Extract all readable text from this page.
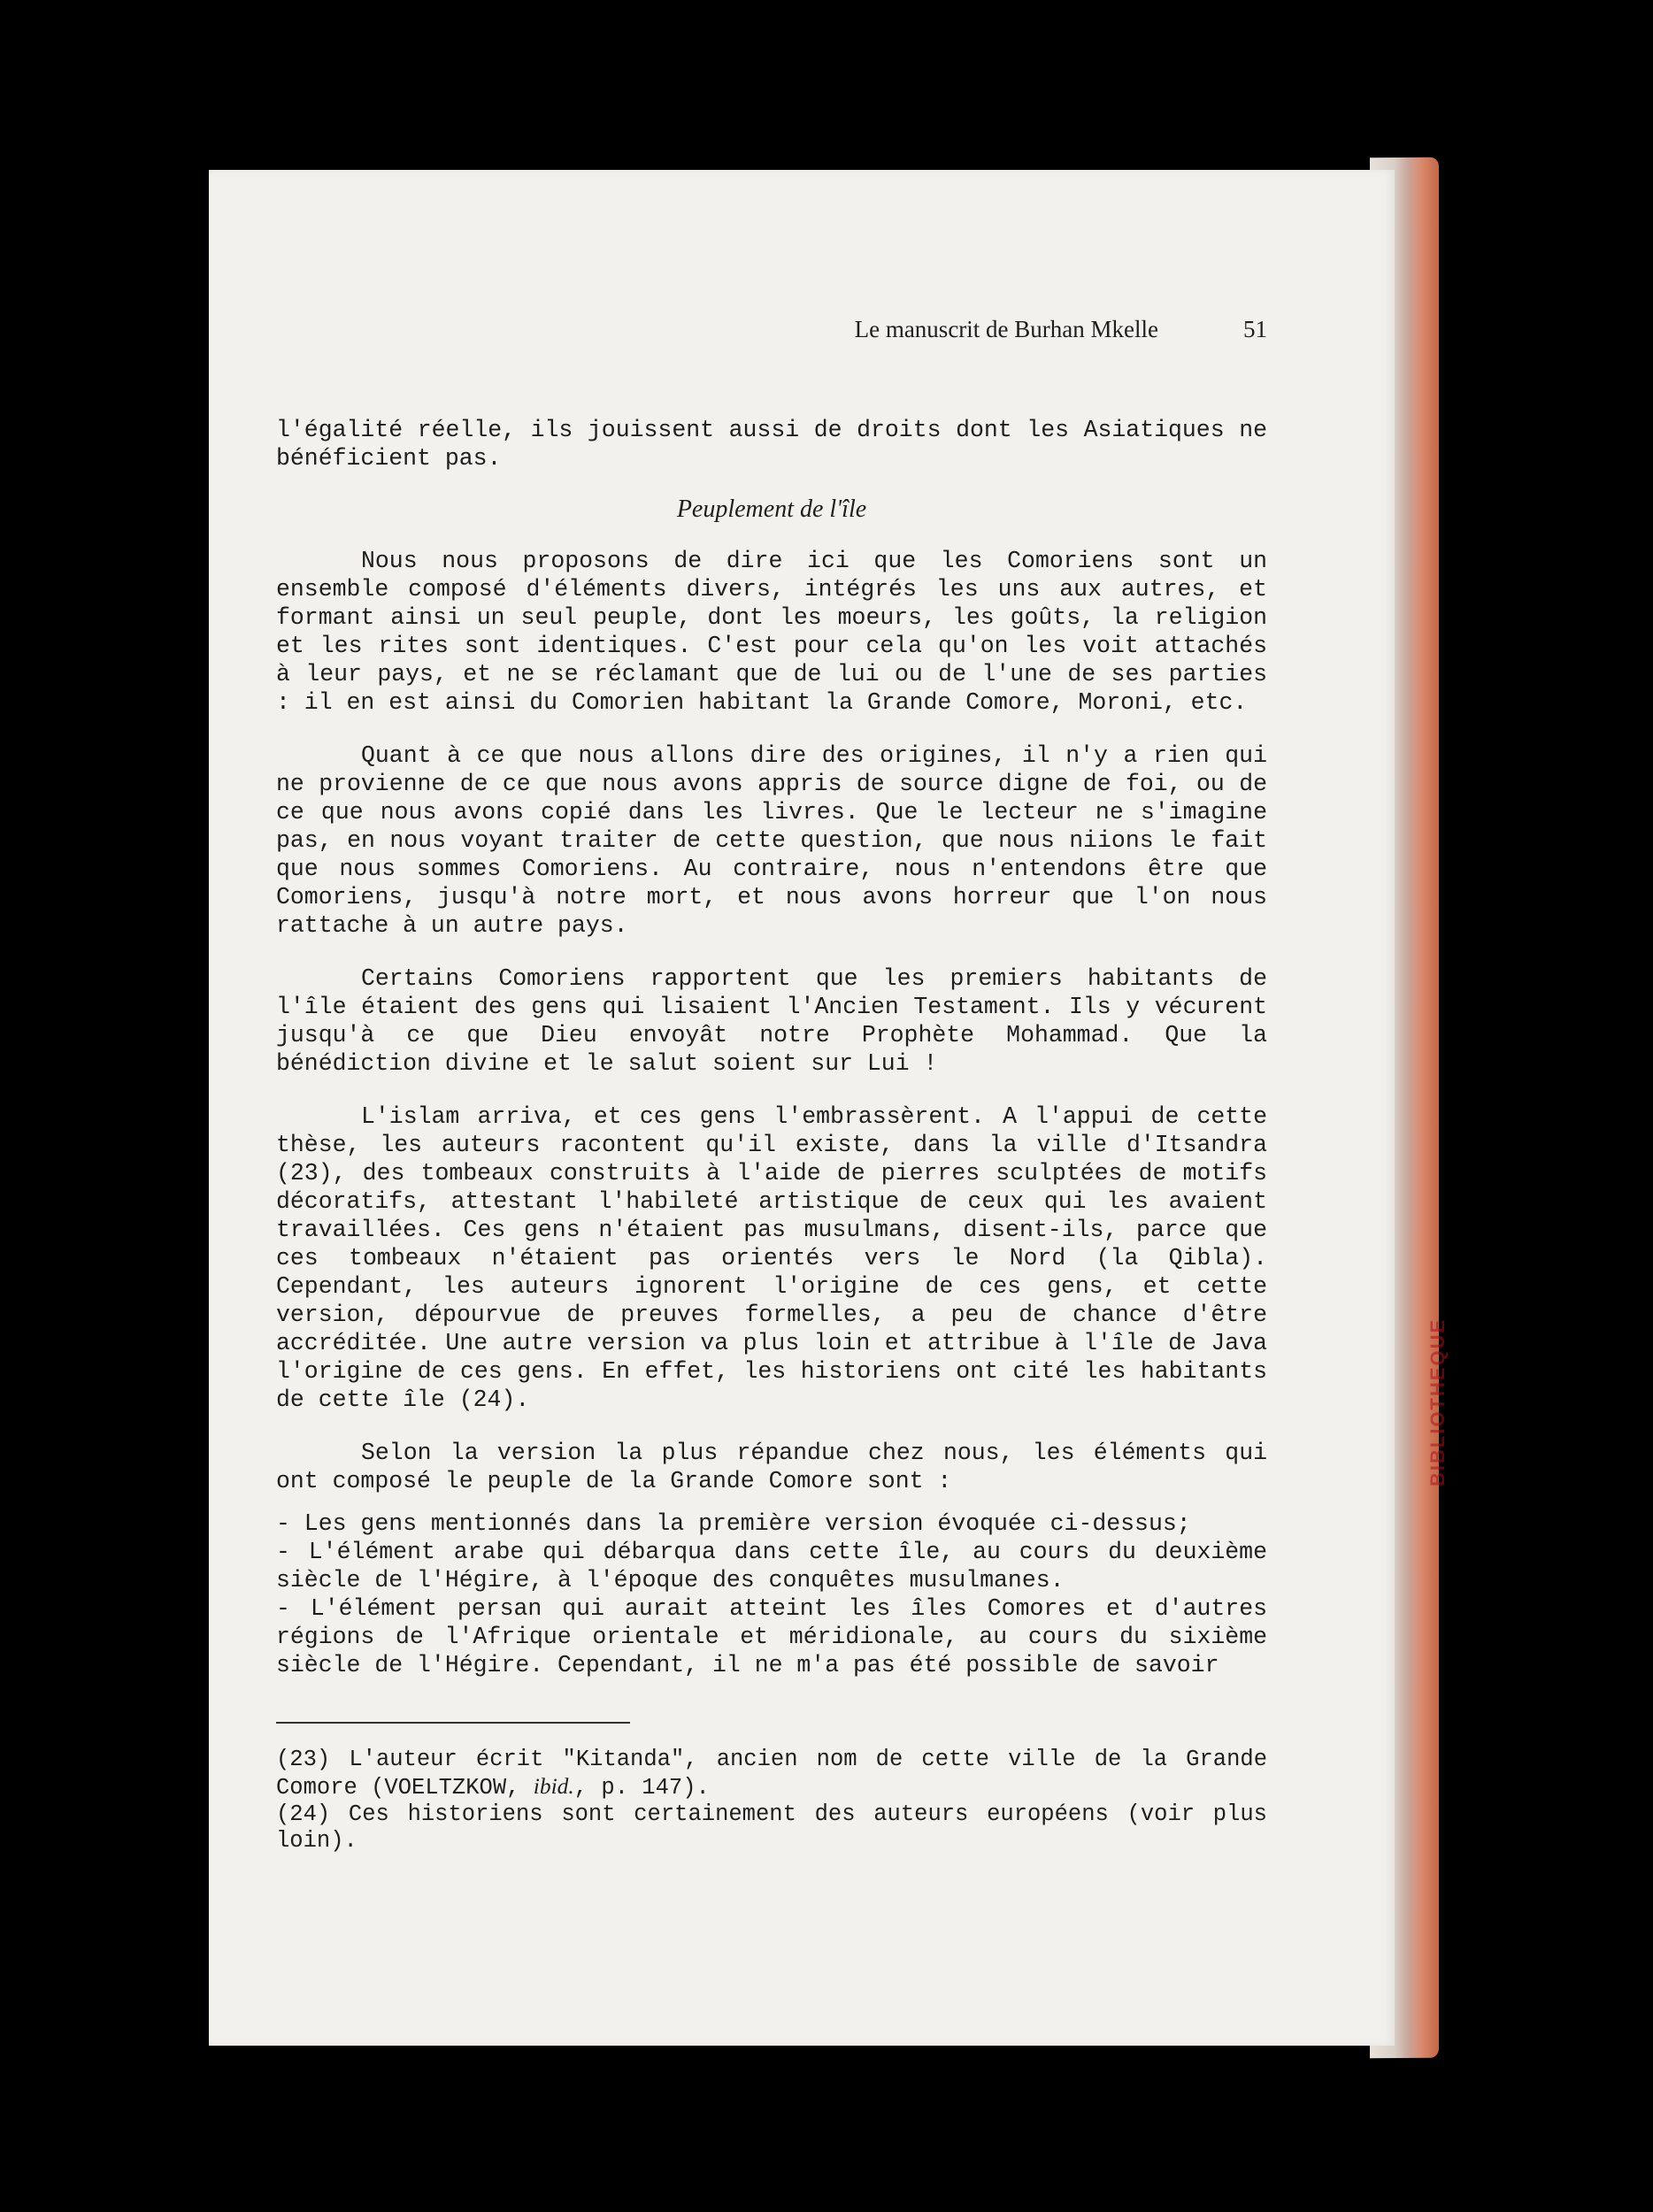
BIBLIOTHEQUE
Le manuscrit de Burhan Mkelle	51

l'égalité réelle, ils jouissent aussi de droits dont les Asiatiques ne bénéficient pas.

Peuplement de l'île

Nous nous proposons de dire ici que les Comoriens sont un ensemble composé d'éléments divers, intégrés les uns aux autres, et formant ainsi un seul peuple, dont les moeurs, les goûts, la religion et les rites sont identiques. C'est pour cela qu'on les voit attachés à leur pays, et ne se réclamant que de lui ou de l'une de ses parties : il en est ainsi du Comorien habitant la Grande Comore, Moroni, etc.

Quant à ce que nous allons dire des origines, il n'y a rien qui ne provienne de ce que nous avons appris de source digne de foi, ou de ce que nous avons copié dans les livres. Que le lecteur ne s'imagine pas, en nous voyant traiter de cette question, que nous niions le fait que nous sommes Comoriens. Au contraire, nous n'entendons être que Comoriens, jusqu'à notre mort, et nous avons horreur que l'on nous rattache à un autre pays.

Certains Comoriens rapportent que les premiers habitants de l'île étaient des gens qui lisaient l'Ancien Testament. Ils y vécurent jusqu'à ce que Dieu envoyât notre Prophète Mohammad. Que la bénédiction divine et le salut soient sur Lui !

L'islam arriva, et ces gens l'embrassèrent. A l'appui de cette thèse, les auteurs racontent qu'il existe, dans la ville d'Itsandra (23), des tombeaux construits à l'aide de pierres sculptées de motifs décoratifs, attestant l'habileté artistique de ceux qui les avaient travaillées. Ces gens n'étaient pas musulmans, disent-ils, parce que ces tombeaux n'étaient pas orientés vers le Nord (la Qibla). Cependant, les auteurs ignorent l'origine de ces gens, et cette version, dépourvue de preuves formelles, a peu de chance d'être accréditée. Une autre version va plus loin et attribue à l'île de Java l'origine de ces gens. En effet, les historiens ont cité les habitants de cette île (24).

Selon la version la plus répandue chez nous, les éléments qui ont composé le peuple de la Grande Comore sont :

- Les gens mentionnés dans la première version évoquée ci-dessus;

- L'élément arabe qui débarqua dans cette île, au cours du deuxième siècle de l'Hégire, à l'époque des conquêtes musulmanes.

- L'élément persan qui aurait atteint les îles Comores et d'autres régions de l'Afrique orientale et méridionale, au cours du sixième siècle de l'Hégire. Cependant, il ne m'a pas été possible de savoir

(23) L'auteur écrit "Kitanda", ancien nom de cette ville de la Grande Comore (VOELTZKOW, ibid., p. 147).

(24) Ces historiens sont certainement des auteurs européens (voir plus loin).
